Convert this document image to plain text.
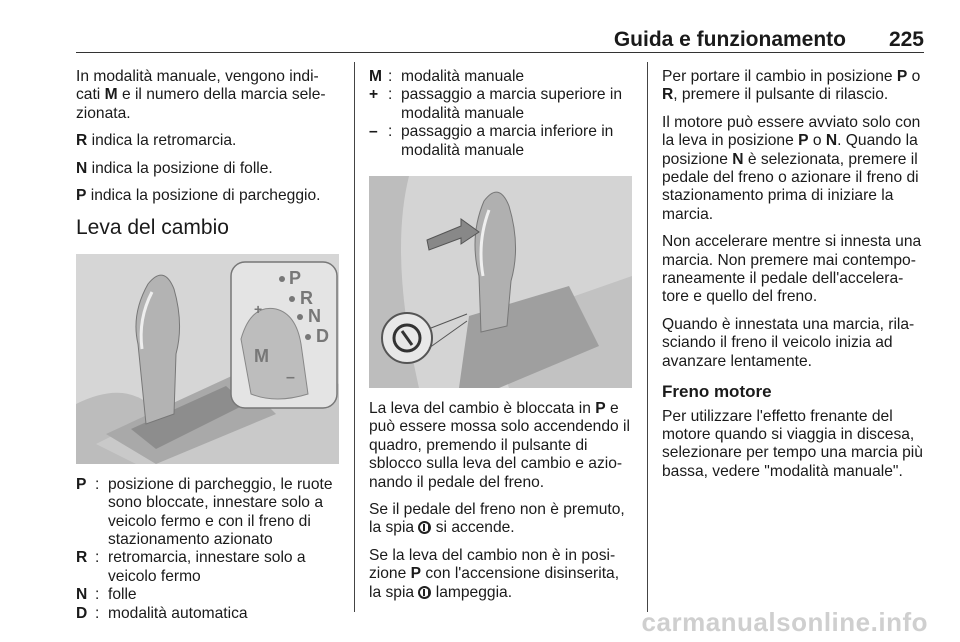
Guida e funzionamento 225

In modalità manuale, vengono indi-cati M e il numero della marcia sele-zionata.

R indica la retromarcia.

N indica la posizione di folle.

P indica la posizione di parcheggio.

Leva del cambio
P
R
N
D
M
+
–
P : posizione di parcheggio, le ruote sono bloccate, innestare solo a veicolo fermo e con il freno di stazionamento azionato
R : retromarcia, innestare solo a veicolo fermo
N : folle
D : modalità automatica
M : modalità manuale
+ : passaggio a marcia superiore in modalità manuale
– : passaggio a marcia inferiore in modalità manuale

La leva del cambio è bloccata in P e può essere mossa solo accendendo il quadro, premendo il pulsante di sblocco sulla leva del cambio e azio-nando il pedale del freno.

Se il pedale del freno non è premuto, la spia  si accende.

Se la leva del cambio non è in posi-zione P con l'accensione disinserita, la spia  lampeggia.

Per portare il cambio in posizione P o R, premere il pulsante di rilascio.

Il motore può essere avviato solo con la leva in posizione P o N. Quando la posizione N è selezionata, premere il pedale del freno o azionare il freno di stazionamento prima di iniziare la marcia.

Non accelerare mentre si innesta una marcia. Non premere mai contempo-raneamente il pedale dell'accelera-tore e quello del freno.

Quando è innestata una marcia, rila-sciando il freno il veicolo inizia ad avanzare lentamente.

Freno motore

Per utilizzare l'effetto frenante del motore quando si viaggia in discesa, selezionare per tempo una marcia più bassa, vedere "modalità manuale".

carmanualsonline.info
